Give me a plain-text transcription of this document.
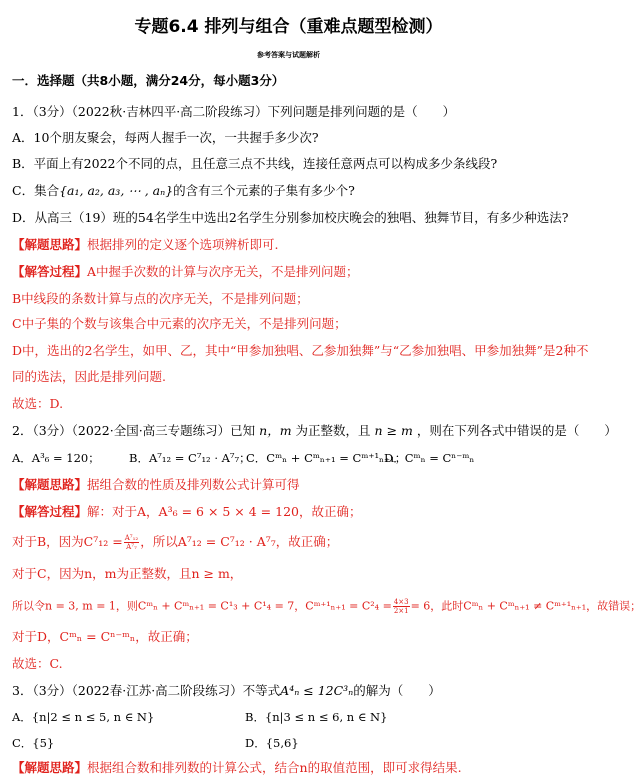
专题6.4 排列与组合（重难点题型检测）
参考答案与试题解析
一．选择题（共8小题，满分24分，每小题3分）
1．（3分）（2022秋·吉林四平·高二阶段练习）下列问题是排列问题的是（　　）
A．10个朋友聚会，每两人握手一次，一共握手多少次?
B．平面上有2022个不同的点，且任意三点不共线，连接任意两点可以构成多少条线段?
C．集合{a₁, a₂, a₃, ⋯ , aₙ}的含有三个元素的子集有多少个?
D．从高三（19）班的54名学生中选出2名学生分别参加校庆晚会的独唱、独舞节目，有多少种选法?
【解题思路】根据排列的定义逐个选项辨析即可.
【解答过程】A中握手次数的计算与次序无关，不是排列问题；
B中线段的条数计算与点的次序无关，不是排列问题；
C中子集的个数与该集合中元素的次序无关，不是排列问题；
D中，选出的2名学生，如甲、乙，其中“甲参加独唱、乙参加独舞”与“乙参加独唱、甲参加独舞”是2种不
同的选法，因此是排列问题.
故选：D.
2．（3分）（2022·全国·高三专题练习）已知 n，m 为正整数，且 n ≥ m ，则在下列各式中错误的是（　　）
A．A³₆ = 120；	B．A⁷₁₂ = C⁷₁₂ · A⁷₇；
C．Cᵐₙ + Cᵐₙ₊₁ = Cᵐ⁺¹ₙ₊₁；
D．Cᵐₙ = Cⁿ⁻ᵐₙ
【解题思路】据组合数的性质及排列数公式计算可得
【解答过程】解：对于A，A³₆ = 6 × 5 × 4 = 120，故正确；
对于B，因为$C^7_{12} = \frac{\text{A⁷₁₂}}{\text{A⁷₇}}$ ，所以A⁷₁₂ = C⁷₁₂ · A⁷₇，故正确；
对于C，因为n，m为正整数，且n ≥ m，
所以令n = 3, m = 1，则Cᵐₙ + Cᵐₙ₊₁ = C¹₃ + C¹₄ = 7，Cᵐ⁺¹ₙ₊₁ = $C^2_4 = \frac{4\times 3}{2\times 1} = 6$，此时Cᵐₙ + Cᵐₙ₊₁ ≠ Cᵐ⁺¹ₙ₊₁，故错误；
对于D，Cᵐₙ = Cⁿ⁻ᵐₙ，故正确；
故选：C.
3．（3分）（2022春·江苏·高二阶段练习）不等式A⁴ₙ ≤ 12C³ₙ的解为（　　）
A．{n|2 ≤ n ≤ 5, n ∈ N}	B．{n|3 ≤ n ≤ 6, n ∈ N}
C．{5}	D．{5,6}
【解题思路】根据组合数和排列数的计算公式，结合n的取值范围，即可求得结果.
